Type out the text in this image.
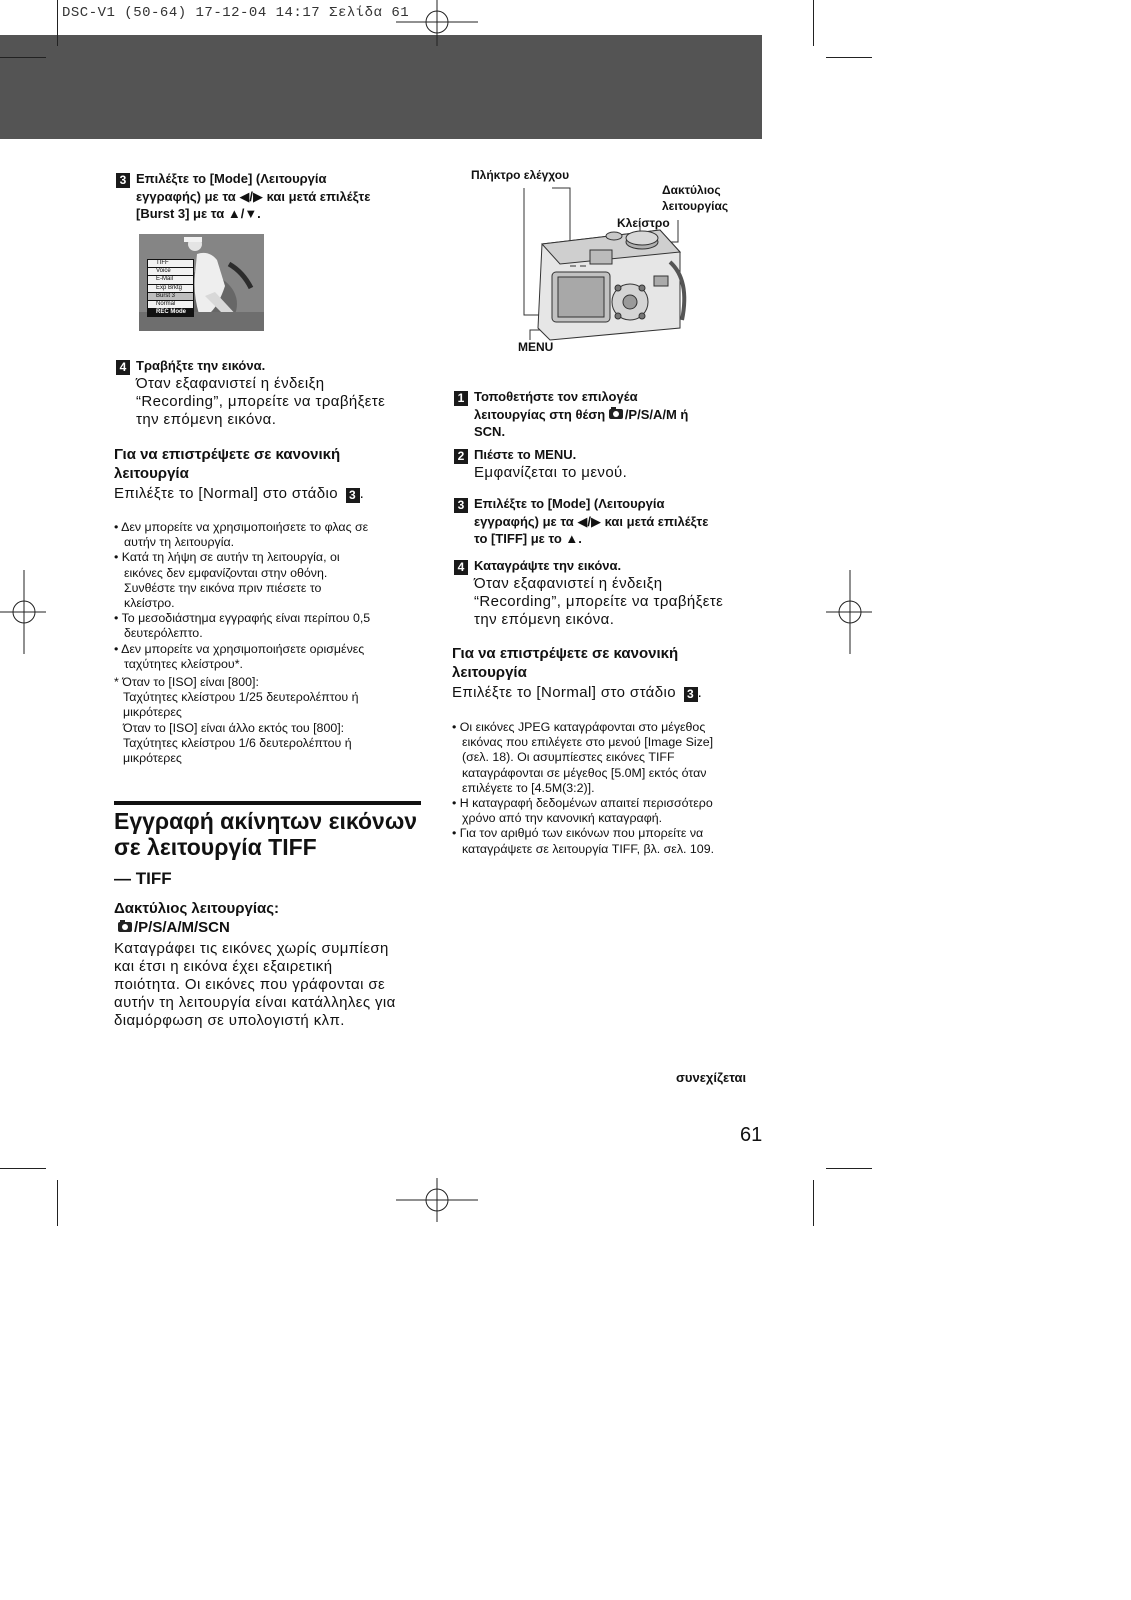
DSC-V1 (50-64) 17-12-04 14:17 Σελίδα 61
3 Επιλέξτε το [Mode] (Λειτουργία
εγγραφής) με τα ◀/▶ και μετά επιλέξτε
[Burst 3] με τα ▲/▼.
TIFF
Voice
E-Mail
Exp Brktg
Burst 3
Normal
REC Mode
4 Τραβήξτε την εικόνα.
Όταν εξαφανιστεί η ένδειξη
“Recording”, μπορείτε να τραβήξετε
την επόμενη εικόνα.
Για να επιστρέψετε σε κανονική
λειτουργία
Επιλέξτε το [Normal] στο στάδιο 3 .
• Δεν μπορείτε να χρησιμοποιήσετε το φλας σε
αυτήν τη λειτουργία.
• Κατά τη λήψη σε αυτήν τη λειτουργία, οι
εικόνες δεν εμφανίζονται στην οθόνη.
Συνθέστε την εικόνα πριν πιέσετε το
κλείστρο.
• Το μεσοδιάστημα εγγραφής είναι περίπου 0,5
δευτερόλεπτο.
• Δεν μπορείτε να χρησιμοποιήσετε ορισμένες
ταχύτητες κλείστρου*.
* Όταν το [ISO] είναι [800]:
Ταχύτητες κλείστρου 1/25 δευτερολέπτου ή
μικρότερες
Όταν το [ISO] είναι άλλο εκτός του [800]:
Ταχύτητες κλείστρου 1/6 δευτερολέπτου ή
μικρότερες
Εγγραφή ακίνητων εικόνων
σε λειτουργία TIFF
— TIFF
Δακτύλιος λειτουργίας:
/P/S/A/M/SCN
Καταγράφει τις εικόνες χωρίς συμπίεση
και έτσι η εικόνα έχει εξαιρετική
ποιότητα. Οι εικόνες που γράφονται σε
αυτήν τη λειτουργία είναι κατάλληλες για
διαμόρφωση σε υπολογιστή κλπ.
Πλήκτρο ελέγχου
Δακτύλιος
λειτουργίας
Κλείστρο
MENU
1 Τοποθετήστε τον επιλογέα
λειτουργίας στη θέση /P/S/A/M ή
SCN.
2 Πιέστε το MENU.
Εμφανίζεται το μενού.
3 Επιλέξτε το [Mode] (Λειτουργία
εγγραφής) με τα ◀/▶ και μετά επιλέξτε
το [TIFF] με το ▲.
4 Καταγράψτε την εικόνα.
Όταν εξαφανιστεί η ένδειξη
“Recording”, μπορείτε να τραβήξετε
την επόμενη εικόνα.
Για να επιστρέψετε σε κανονική
λειτουργία
Επιλέξτε το [Normal] στο στάδιο 3 .
• Οι εικόνες JPEG καταγράφονται στο μέγεθος
εικόνας που επιλέγετε στο μενού [Image Size]
(σελ. 18). Οι ασυμπίεστες εικόνες TIFF
καταγράφονται σε μέγεθος [5.0M] εκτός όταν
επιλέγετε το [4.5M(3:2)].
• Η καταγραφή δεδομένων απαιτεί περισσότερο
χρόνο από την κανονική καταγραφή.
• Για τον αριθμό των εικόνων που μπορείτε να
καταγράψετε σε λειτουργία TIFF, βλ. σελ. 109.
συνεχίζεται
61
